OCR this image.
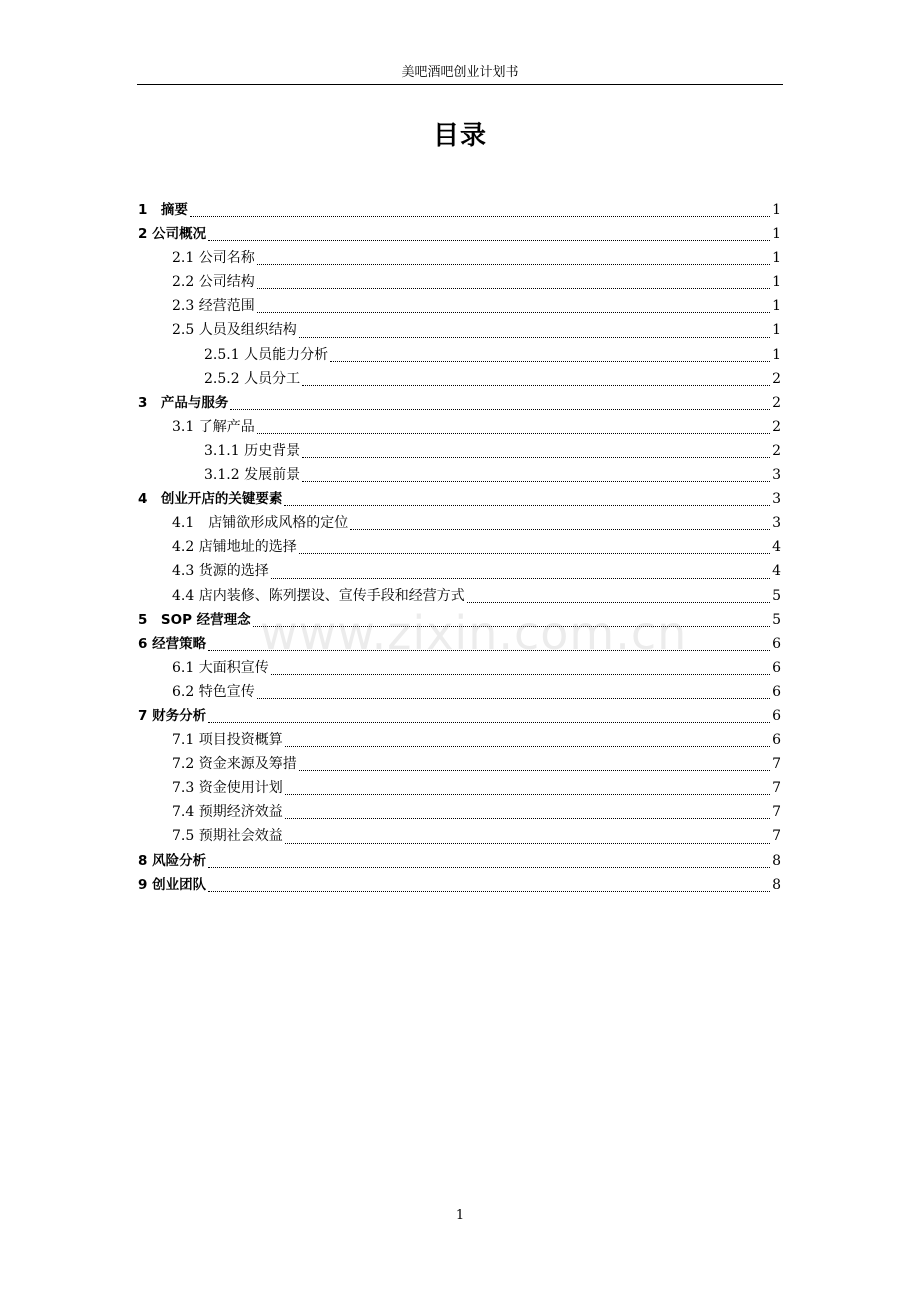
美吧酒吧创业计划书
目录
1　摘要	1
2 公司概况	1
2.1 公司名称	1
2.2 公司结构	1
2.3 经营范围	1
2.5 人员及组织结构	1
2.5.1 人员能力分析	1
2.5.2 人员分工	2
3　产品与服务	2
3.1 了解产品	2
3.1.1 历史背景	2
3.1.2 发展前景	3
4　创业开店的关键要素	3
4.1　店铺欲形成风格的定位	3
4.2 店铺地址的选择	4
4.3 货源的选择	4
4.4 店内装修、陈列摆设、宣传手段和经营方式	5
5　SOP 经营理念	5
6 经营策略	6
6.1 大面积宣传	6
6.2 特色宣传	6
7 财务分析	6
7.1 项目投资概算	6
7.2 资金来源及筹措	7
7.3 资金使用计划	7
7.4 预期经济效益	7
7.5 预期社会效益	7
8 风险分析	8
9 创业团队	8
www.zixin.com.cn
1
